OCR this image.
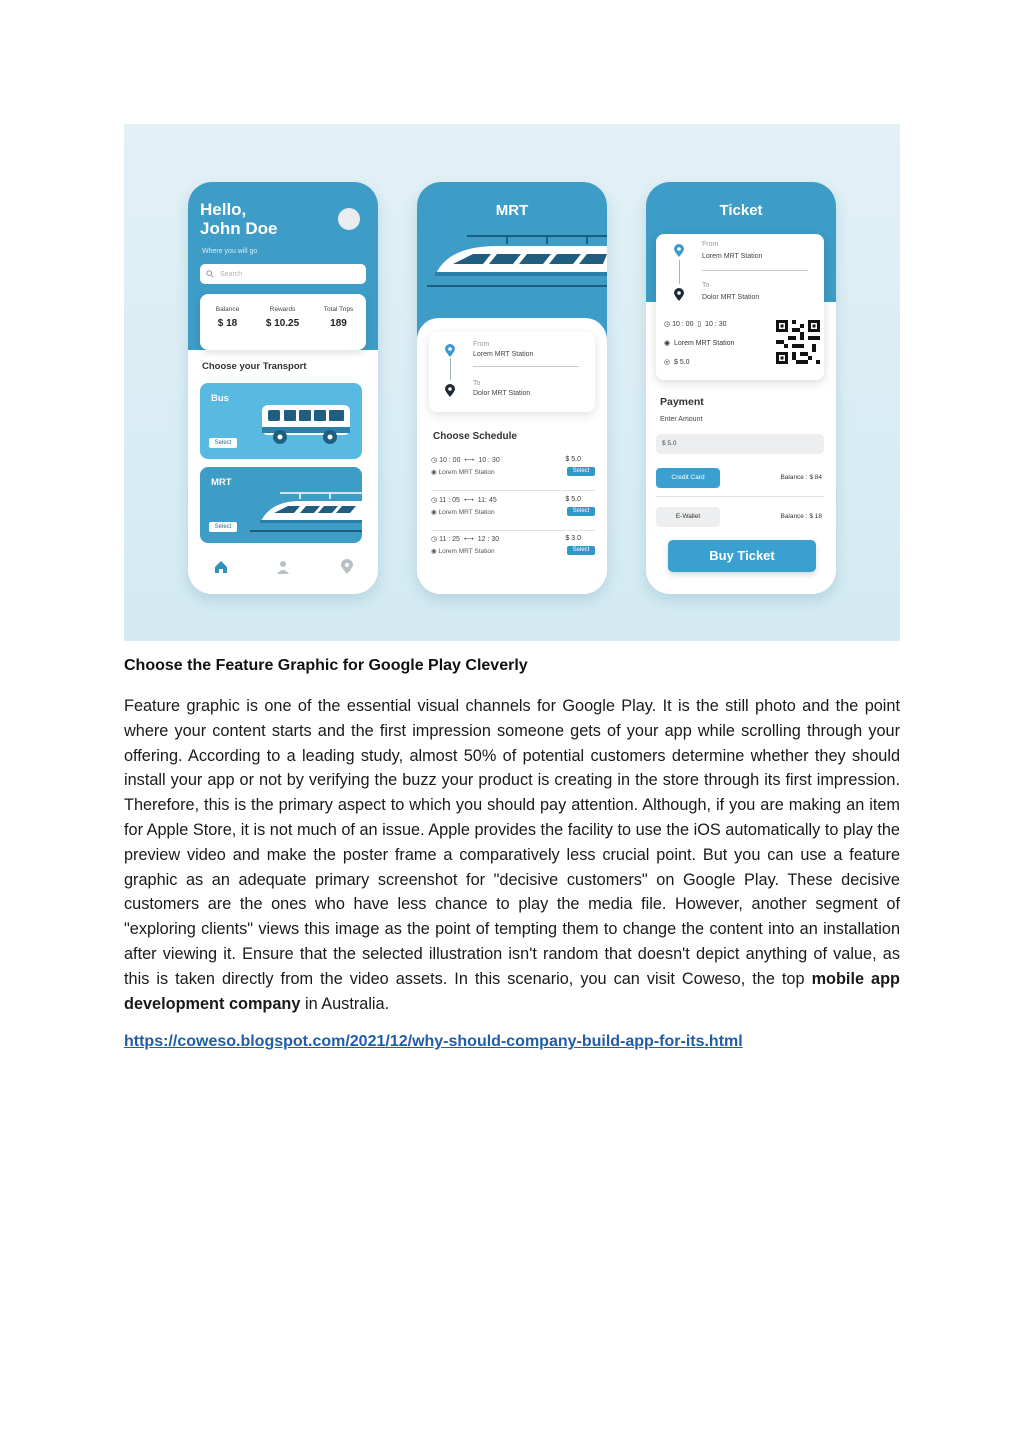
Hello,
John Doe
Where you will go
Search
Balance
$ 18
Rewards
$ 10.25
Total Trips
189
Choose your Transport
Bus
Select
MRT
Select
MRT
From
Lorem MRT Station
To
Dolor MRT Station
Choose Schedule
◷ 10 : 00  ⟷  10 : 30
◉ Lorem MRT Station
$ 5.0
Select
◷ 11 : 05  ⟷  11: 45
◉ Lorem MRT Station
$ 5.0
Select
◷ 11 : 25  ⟷  12 : 30
◉ Lorem MRT Station
$ 3.0
Select
Ticket
From
Lorem MRT Station
To
Dolor MRT Station
◷ 10 : 00  ▯  10 : 30
◉  Lorem MRT Station
◎  $ 5.0
Payment
Enter Amount
$ 5.0
Credit Card	Balance : $ 84
E-Wallet	Balance : $ 18
Buy Ticket
Choose the Feature Graphic for Google Play Cleverly

Feature graphic is one of the essential visual channels for Google Play. It is the still photo and the point where your content starts and the first impression someone gets of your app while scrolling through your offering. According to a leading study, almost 50% of potential customers determine whether they should install your app or not by verifying the buzz your product is creating in the store through its first impression. Therefore, this is the primary aspect to which you should pay attention. Although, if you are making an item for Apple Store, it is not much of an issue. Apple provides the facility to use the iOS automatically to play the preview video and make the poster frame a comparatively less crucial point. But you can use a feature graphic as an adequate primary screenshot for "decisive customers" on Google Play. These decisive customers are the ones who have less chance to play the media file. However, another segment of "exploring clients" views this image as the point of tempting them to change the content into an installation after viewing it. Ensure that the selected illustration isn't random that doesn't depict anything of value, as this is taken directly from the video assets. In this scenario, you can visit Coweso, the top mobile app development company in Australia.

https://coweso.blogspot.com/2021/12/why-should-company-build-app-for-its.html
